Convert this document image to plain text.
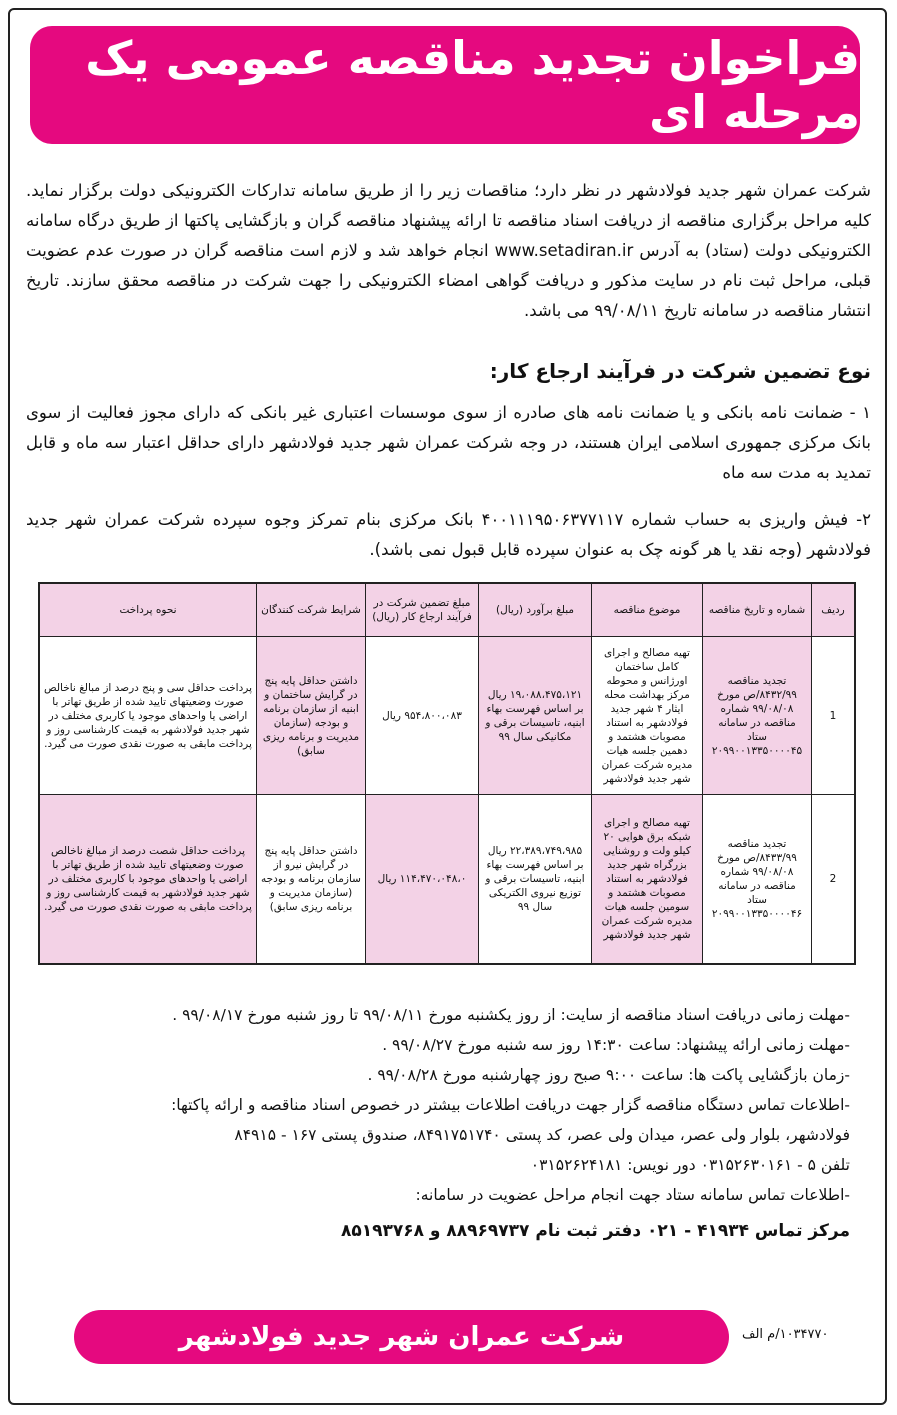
فراخوان تجدید مناقصه عمومی یک مرحله ای
شرکت عمران شهر جدید فولادشهر در نظر دارد؛ مناقصات زیر را از طریق سامانه تدارکات الکترونیکی دولت برگزار نماید. کلیه مراحل برگزاری مناقصه از دریافت اسناد مناقصه تا ارائه پیشنهاد مناقصه گران و بازگشایی پاکتها از طریق درگاه سامانه الکترونیکی دولت (ستاد) به آدرس www.setadiran.ir انجام خواهد شد و لازم است مناقصه گران در صورت عدم عضویت قبلی، مراحل ثبت نام در سایت مذکور و دریافت گواهی امضاء الکترونیکی را جهت شرکت در مناقصه محقق سازند. تاریخ انتشار مناقصه در سامانه تاریخ ۹۹/۰۸/۱۱ می باشد.
نوع تضمین شرکت در فرآیند ارجاع کار:
۱ - ضمانت نامه بانکی و یا ضمانت نامه های صادره از سوی موسسات اعتباری غیر بانکی که دارای مجوز فعالیت از سوی بانک مرکزی جمهوری اسلامی ایران هستند، در وجه شرکت عمران شهر جدید فولادشهر دارای حداقل اعتبار سه ماه و قابل تمدید به مدت سه ماه
۲- فیش واریزی به حساب شماره ۴۰۰۱۱۱۹۵۰۶۳۷۷۱۱۷ بانک مرکزی بنام تمرکز وجوه سپرده شرکت عمران شهر جدید فولادشهر (وجه نقد یا هر گونه چک به عنوان سپرده قابل قبول نمی باشد).
ردیف	شماره و تاریخ مناقصه	موضوع مناقصه	مبلغ برآورد (ریال)	مبلغ تضمین شرکت در فرآیند ارجاع کار (ریال)	شرایط شرکت کنندگان	نحوه پرداخت
1	تجدید مناقصه ۸۴۳۲/۹۹/ص مورخ ۹۹/۰۸/۰۸ شماره مناقصه در سامانه ستاد ۲۰۹۹۰۰۱۳۳۵۰۰۰۰۴۵	تهیه مصالح و اجرای کامل ساختمان اورژانس و محوطه مرکز بهداشت محله ایثار ۴ شهر جدید فولادشهر به استناد مصوبات هشتمد و دهمین جلسه هیات مدیره شرکت عمران شهر جدید فولادشهر	۱۹،۰۸۸،۴۷۵،۱۲۱ ریال بر اساس فهرست بهاء ابنیه، تاسیسات برقی و مکانیکی سال ۹۹	۹۵۴،۸۰۰،۰۸۳ ریال	داشتن حداقل پایه پنج در گرایش ساختمان و ابنیه از سازمان برنامه و بودجه (سازمان مدیریت و برنامه ریزی سابق)	پرداخت حداقل سی و پنج درصد از مبالغ ناخالص صورت وضعیتهای تایید شده از طریق تهاتر با اراضی یا واحدهای موجود یا کاربری مختلف در شهر جدید فولادشهر به قیمت کارشناسی روز و پرداخت مابقی به صورت نقدی صورت می گیرد.
2	تجدید مناقصه ۸۴۳۳/۹۹/ص مورخ ۹۹/۰۸/۰۸ شماره مناقصه در سامانه ستاد ۲۰۹۹۰۰۱۳۳۵۰۰۰۰۴۶	تهیه مصالح و اجرای شبکه برق هوایی ۲۰ کیلو ولت و روشنایی بزرگراه شهر جدید فولادشهر به استناد مصوبات هشتمد و سومین جلسه هیات مدیره شرکت عمران شهر جدید فولادشهر	۲۲،۳۸۹،۷۴۹،۹۸۵ ریال بر اساس فهرست بهاء ابنیه، تاسیسات برقی و توزیع نیروی الکتریکی سال ۹۹	۱۱۴،۴۷۰،۰۴۸،۰ ریال	داشتن حداقل پایه پنج در گرایش نیرو از سازمان برنامه و بودجه (سازمان مدیریت و برنامه ریزی سابق)	پرداخت حداقل شصت درصد از مبالغ ناخالص صورت وضعیتهای تایید شده از طریق تهاتر با اراضی یا واحدهای موجود با کاربری مختلف در شهر جدید فولادشهر به قیمت کارشناسی روز و پرداخت مابقی به صورت نقدی صورت می گیرد.

-مهلت زمانی دریافت اسناد مناقصه از سایت: از روز یکشنبه مورخ ۹۹/۰۸/۱۱ تا روز شنبه مورخ ۹۹/۰۸/۱۷ .

-مهلت زمانی ارائه پیشنهاد: ساعت ۱۴:۳۰ روز سه شنبه مورخ ۹۹/۰۸/۲۷ .

-زمان بازگشایی پاکت ها: ساعت ۹:۰۰ صبح روز چهارشنبه مورخ ۹۹/۰۸/۲۸ .

-اطلاعات تماس دستگاه مناقصه گزار جهت دریافت اطلاعات بیشتر در خصوص اسناد مناقصه و ارائه پاکتها:

فولادشهر، بلوار ولی عصر، میدان ولی عصر، کد پستی ۸۴۹۱۷۵۱۷۴۰، صندوق پستی ۱۶۷ - ۸۴۹۱۵

تلفن ۵ - ۰۳۱۵۲۶۳۰۱۶۱ دور نویس: ۰۳۱۵۲۶۲۴۱۸۱

-اطلاعات تماس سامانه ستاد جهت انجام مراحل عضویت در سامانه:

مرکز تماس ۴۱۹۳۴ - ۰۲۱ دفتر ثبت نام ۸۸۹۶۹۷۳۷ و ۸۵۱۹۳۷۶۸

شرکت عمران شهر جدید فولادشهر	۱۰۳۴۷۷۰/م الف
